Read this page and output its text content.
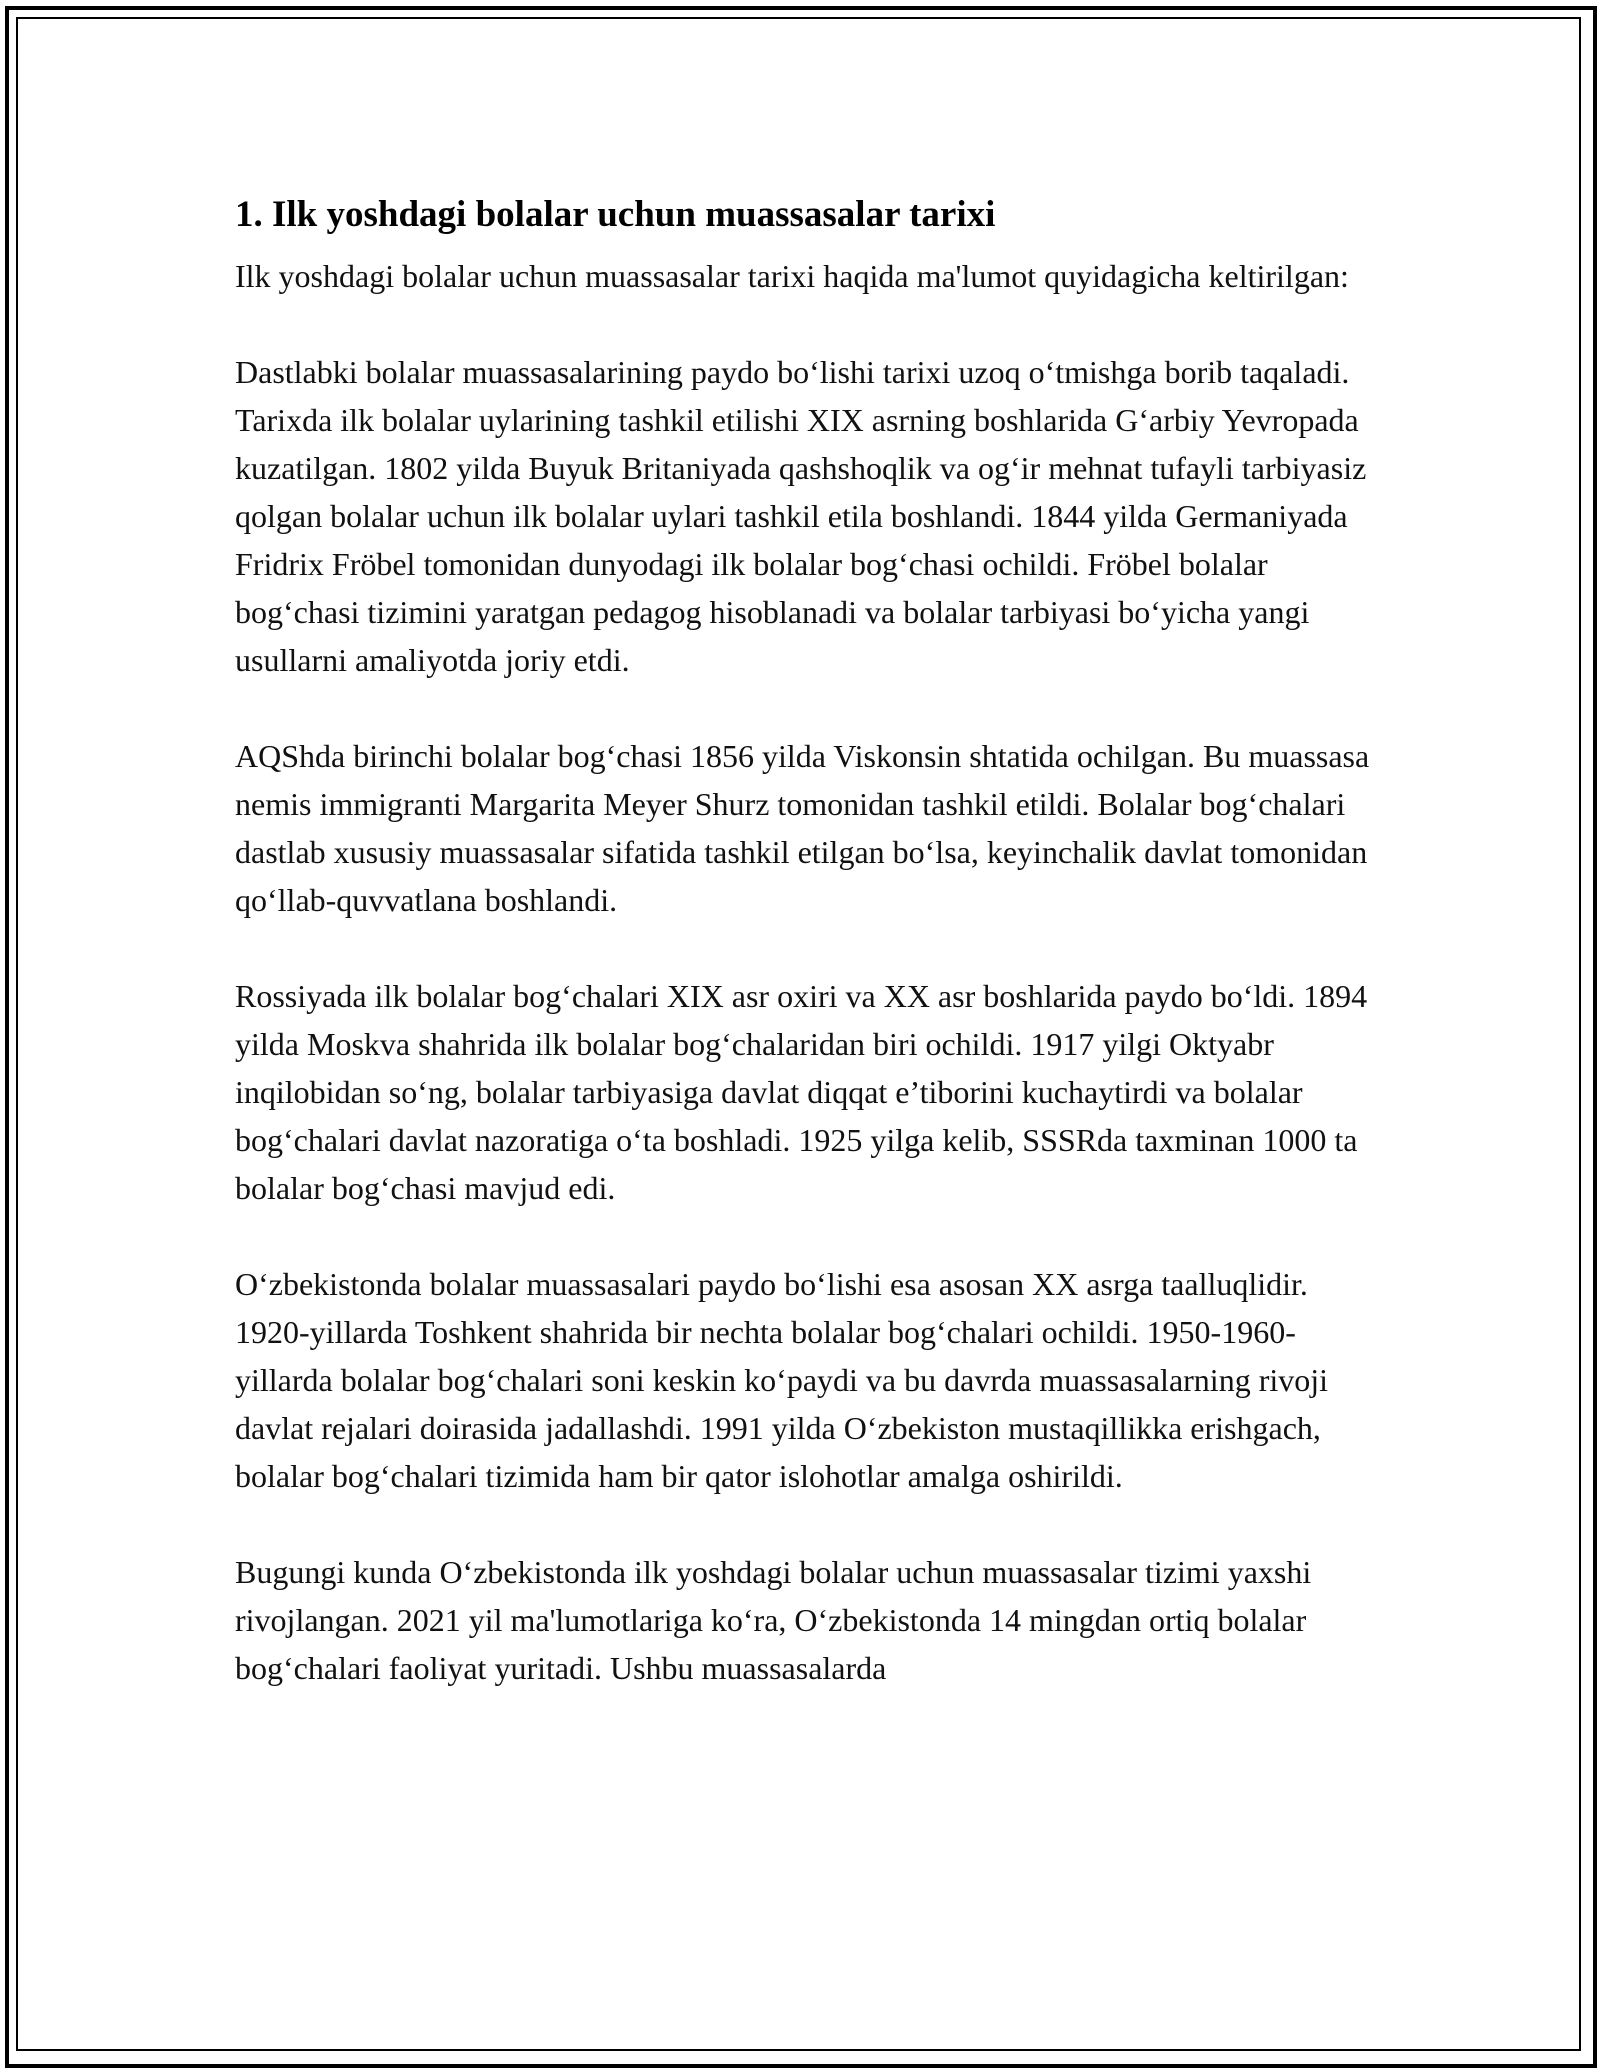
1. Ilk yoshdagi bolalar uchun muassasalar tarixi

Ilk yoshdagi bolalar uchun muassasalar tarixi haqida ma'lumot quyidagicha keltirilgan:

Dastlabki bolalar muassasalarining paydo bo‘lishi tarixi uzoq o‘tmishga borib taqaladi. Tarixda ilk bolalar uylarining tashkil etilishi XIX asrning boshlarida G‘arbiy Yevropada kuzatilgan. 1802 yilda Buyuk Britaniyada qashshoqlik va og‘ir mehnat tufayli tarbiyasiz qolgan bolalar uchun ilk bolalar uylari tashkil etila boshlandi. 1844 yilda Germaniyada Fridrix Fröbel tomonidan dunyodagi ilk bolalar bog‘chasi ochildi. Fröbel bolalar bog‘chasi tizimini yaratgan pedagog hisoblanadi va bolalar tarbiyasi bo‘yicha yangi usullarni amaliyotda joriy etdi.

AQShda birinchi bolalar bog‘chasi 1856 yilda Viskonsin shtatida ochilgan. Bu muassasa nemis immigranti Margarita Meyer Shurz tomonidan tashkil etildi. Bolalar bog‘chalari dastlab xususiy muassasalar sifatida tashkil etilgan bo‘lsa, keyinchalik davlat tomonidan qo‘llab-quvvatlana boshlandi.

Rossiyada ilk bolalar bog‘chalari XIX asr oxiri va XX asr boshlarida paydo bo‘ldi. 1894 yilda Moskva shahrida ilk bolalar bog‘chalaridan biri ochildi. 1917 yilgi Oktyabr inqilobidan so‘ng, bolalar tarbiyasiga davlat diqqat e’tiborini kuchaytirdi va bolalar bog‘chalari davlat nazoratiga o‘ta boshladi. 1925 yilga kelib, SSSRda taxminan 1000 ta bolalar bog‘chasi mavjud edi.

O‘zbekistonda bolalar muassasalari paydo bo‘lishi esa asosan XX asrga taalluqlidir. 1920-yillarda Toshkent shahrida bir nechta bolalar bog‘chalari ochildi. 1950-1960-yillarda bolalar bog‘chalari soni keskin ko‘paydi va bu davrda muassasalarning rivoji davlat rejalari doirasida jadallashdi. 1991 yilda O‘zbekiston mustaqillikka erishgach, bolalar bog‘chalari tizimida ham bir qator islohotlar amalga oshirildi.

Bugungi kunda O‘zbekistonda ilk yoshdagi bolalar uchun muassasalar tizimi yaxshi rivojlangan. 2021 yil ma'lumotlariga ko‘ra, O‘zbekistonda 14 mingdan ortiq bolalar bog‘chalari faoliyat yuritadi. Ushbu muassasalarda
